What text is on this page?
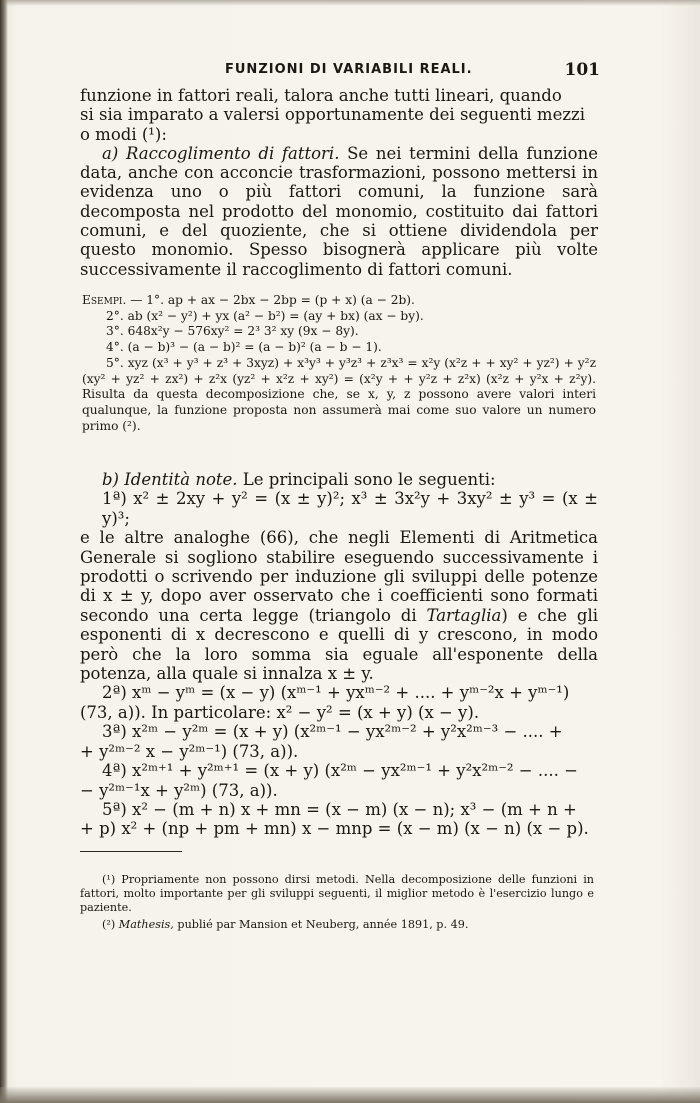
FUNZIONI DI VARIABILI REALI.	101

funzione in fattori reali, talora anche tutti lineari, quando

si sia imparato a valersi opportunamente dei seguenti mezzi

o modi (¹):

a) Raccoglimento di fattori. Se nei termini della funzione data, anche con acconcie trasformazioni, possono mettersi in evidenza uno o più fattori comuni, la funzione sarà decomposta nel prodotto del monomio, costituito dai fattori comuni, e del quoziente, che si ottiene dividendola per questo monomio. Spesso bisognerà applicare più volte successivamente il raccoglimento di fattori comuni.

Esempi. — 1°. ap + ax − 2bx − 2bp = (p + x) (a − 2b).

2°. ab (x² − y²) + yx (a² − b²) = (ay + bx) (ax − by).

3°. 648x²y − 576xy² = 2³ 3² xy (9x − 8y).

4°. (a − b)³ − (a − b)² = (a − b)² (a − b − 1).

5°. xyz (x³ + y³ + z³ + 3xyz) + x³y³ + y³z³ + z³x³ = x²y (x²z + + xy² + yz²) + y²z (xy² + yz² + zx²) + z²x (yz² + x²z + xy²) = (x²y + + y²z + z²x) (x²z + y²x + z²y). Risulta da questa decomposizione che, se x, y, z possono avere valori interi qualunque, la funzione proposta non assumerà mai come suo valore un numero primo (²).

b) Identità note. Le principali sono le seguenti:

1ª) x² ± 2xy + y² = (x ± y)²; x³ ± 3x²y + 3xy² ± y³ = (x ± y)³;

e le altre analoghe (66), che negli Elementi di Aritmetica Generale si sogliono stabilire eseguendo successivamente i prodotti o scrivendo per induzione gli sviluppi delle potenze di x ± y, dopo aver osservato che i coefficienti sono formati secondo una certa legge (triangolo di Tartaglia) e che gli esponenti di x decrescono e quelli di y crescono, in modo però che la loro somma sia eguale all'esponente della potenza, alla quale si innalza x ± y.

2ª) xᵐ − yᵐ = (x − y) (xᵐ⁻¹ + yxᵐ⁻² + .... + yᵐ⁻²x + yᵐ⁻¹)

(73, a)). In particolare: x² − y² = (x + y) (x − y).

3ª) x²ᵐ − y²ᵐ = (x + y) (x²ᵐ⁻¹ − yx²ᵐ⁻² + y²x²ᵐ⁻³ − .... +

+ y²ᵐ⁻² x − y²ᵐ⁻¹) (73, a)).

4ª) x²ᵐ⁺¹ + y²ᵐ⁺¹ = (x + y) (x²ᵐ − yx²ᵐ⁻¹ + y²x²ᵐ⁻² − .... −

− y²ᵐ⁻¹x + y²ᵐ) (73, a)).

5ª) x² − (m + n) x + mn = (x − m) (x − n); x³ − (m + n +

+ p) x² + (np + pm + mn) x − mnp = (x − m) (x − n) (x − p).

(¹) Propriamente non possono dirsi metodi. Nella decomposizione delle funzioni in fattori, molto importante per gli sviluppi seguenti, il miglior metodo è l'esercizio lungo e paziente.

(²) Mathesis, publié par Mansion et Neuberg, année 1891, p. 49.
